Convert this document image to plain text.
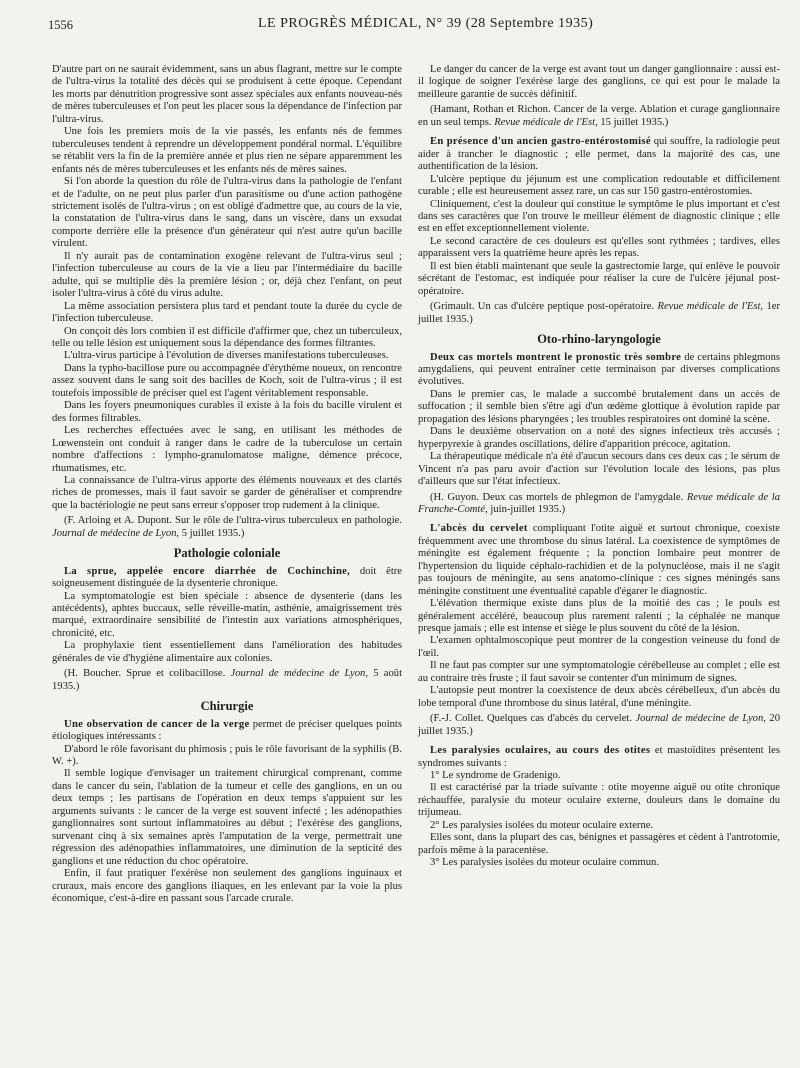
1556	LE PROGRÈS MÉDICAL, N° 39 (28 Septembre 1935)

D'autre part on ne saurait évidemment, sans un abus flagrant, mettre sur le compte de l'ultra-virus la totalité des décès qui se produisent à cette époque. Cependant les morts par dénutrition progressive sont assez spéciales aux enfants nouveau-nés de mères tuberculeuses et l'on peut les placer sous la dépendance de l'infection par l'ultra-virus.

Une fois les premiers mois de la vie passés, les enfants nés de femmes tuberculeuses tendent à reprendre un développement pondéral normal. L'équilibre se rétablit vers la fin de la première année et plus rien ne sépare apparemment les enfants nés de mères tuberculeuses et les enfants nés de mères saines.

Si l'on aborde la question du rôle de l'ultra-virus dans la pathologie de l'enfant et de l'adulte, on ne peut plus parler d'un parasitisme ou d'une action pathogène strictement isolés de l'ultra-virus ; on est obligé d'admettre que, au cours de la vie, la constatation de l'ultra-virus dans le sang, dans un viscère, dans un exsudat comporte derrière elle la présence d'un générateur qui n'est autre qu'un bacille virulent.

Il n'y aurait pas de contamination exogène relevant de l'ultra-virus seul ; l'infection tuberculeuse au cours de la vie a lieu par l'intermédiaire du bacille adulte, qui se multiplie dès la première lésion ; or, déjà chez l'enfant, on peut isoler l'ultra-virus à côté du virus adulte.

La même association persistera plus tard et pendant toute la durée du cycle de l'infection tuberculeuse.

On conçoit dès lors combien il est difficile d'affirmer que, chez un tuberculeux, telle ou telle lésion est uniquement sous la dépendance des formes filtrantes.

L'ultra-virus participe à l'évolution de diverses manifestations tuberculeuses.

Dans la typho-bacillose pure ou accompagnée d'érythème noueux, on rencontre assez souvent dans le sang soit des bacilles de Koch, soit de l'ultra-virus ; il est toutefois impossible de préciser quel est l'agent véritablement responsable.

Dans les foyers pneumoniques curables il existe à la fois du bacille virulent et des formes filtrables.

Les recherches effectuées avec le sang, en utilisant les méthodes de Lœwenstein ont conduit à ranger dans le cadre de la tuberculose un certain nombre d'affections : lympho-granulomatose maligne, démence précoce, rhumatismes, etc.

La connaissance de l'ultra-virus apporte des éléments nouveaux et des clartés riches de promesses, mais il faut savoir se garder de généraliser et comprendre que la bactériologie ne peut sans erreur s'opposer trop rudement à la clinique.

(F. Arloing et A. Dupont. Sur le rôle de l'ultra-virus tuberculeux en pathologie. Journal de médecine de Lyon, 5 juillet 1935.)

Pathologie coloniale

La sprue, appelée encore diarrhée de Cochinchine, doit être soigneusement distinguée de la dysenterie chronique.

La symptomatologie est bien spéciale : absence de dysenterie (dans les antécédents), aphtes buccaux, selle réveille-matin, asthénie, amaigrissement très marqué, extraordinaire sensibilité de l'intestin aux variations atmosphériques, chronicité, etc.

La prophylaxie tient essentiellement dans l'amélioration des habitudes générales de vie d'hygiène alimentaire aux colonies.

(H. Boucher. Sprue et colibacillose. Journal de médecine de Lyon, 5 août 1935.)

Chirurgie

Une observation de cancer de la verge permet de préciser quelques points étiologiques intéressants :

D'abord le rôle favorisant du phimosis ; puis le rôle favorisant de la syphilis (B. W. +).

Il semble logique d'envisager un traitement chirurgical comprenant, comme dans le cancer du sein, l'ablation de la tumeur et celle des ganglions, en un ou deux temps ; les partisans de l'opération en deux temps s'appuient sur les arguments suivants : le cancer de la verge est souvent infecté ; les adénopathies ganglionnaires sont surtout inflammatoires au début ; l'exérèse des ganglions, survenant cinq à six semaines après l'amputation de la verge, permettrait une régression des adénopathies inflammatoires, une diminution de la septicité des ganglions et une réduction du choc opératoire.

Enfin, il faut pratiquer l'exérèse non seulement des ganglions inguinaux et cruraux, mais encore des ganglions iliaques, en les enlevant par la voie la plus économique, c'est-à-dire en passant sous l'arcade crurale.

Le danger du cancer de la verge est avant tout un danger ganglionnaire : aussi est-il logique de soigner l'exérèse large des ganglions, ce qui est pour le malade la meilleure garantie de succès définitif.

(Hamant, Rothan et Richon. Cancer de la verge. Ablation et curage ganglionnaire en un seul temps. Revue médicale de l'Est, 15 juillet 1935.)

En présence d'un ancien gastro-entérostomisé qui souffre, la radiologie peut aider à trancher le diagnostic ; elle permet, dans la majorité des cas, une authentification de la lésion.

L'ulcère peptique du jéjunum est une complication redoutable et difficilement curable ; elle est heureusement assez rare, un cas sur 150 gastro-entérostomies.

Cliniquement, c'est la douleur qui constitue le symptôme le plus important et c'est dans ses caractères que l'on trouve le meilleur élément de diagnostic clinique ; elle est en effet exceptionnellement violente.

Le second caractère de ces douleurs est qu'elles sont rythmées ; tardives, elles apparaissent vers la quatrième heure après les repas.

Il est bien établi maintenant que seule la gastrectomie large, qui enlève le pouvoir sécrétant de l'estomac, est indiquée pour réaliser la cure de l'ulcère jéjunal post-opératoire.

(Grimault. Un cas d'ulcère peptique post-opératoire. Revue médicale de l'Est, 1er juillet 1935.)

Oto-rhino-laryngologie

Deux cas mortels montrent le pronostic très sombre de certains phlegmons amygdaliens, qui peuvent entraîner cette terminaison par diverses complications évolutives.

Dans le premier cas, le malade a succombé brutalement dans un accès de suffocation ; il semble bien s'être agi d'un œdème glottique à évolution rapide par propagation des lésions pharyngées ; les troubles respiratoires ont dominé la scène.

Dans le deuxième observation on a noté des signes infectieux très accusés ; hyperpyrexie à grandes oscillations, délire d'apparition précoce, agitation.

La thérapeutique médicale n'a été d'aucun secours dans ces deux cas ; le sérum de Vincent n'a pas paru avoir d'action sur l'évolution locale des lésions, pas plus d'ailleurs que sur l'état infectieux.

(H. Guyon. Deux cas mortels de phlegmon de l'amygdale. Revue médicale de la Franche-Comté, juin-juillet 1935.)

L'abcès du cervelet compliquant l'otite aiguë et surtout chronique, coexiste fréquemment avec une thrombose du sinus latéral. La coexistence de symptômes de méningite est également fréquente ; la ponction lombaire peut montrer de l'hypertension du liquide céphalo-rachidien et de la polynucléose, mais il ne s'agit pas toujours de méningite, au sens anatomo-clinique : ces signes méningés sans méningite constituent une éventualité capable d'égarer le diagnostic.

L'élévation thermique existe dans plus de la moitié des cas ; le pouls est généralement accéléré, beaucoup plus rarement ralenti ; la céphalée ne manque presque jamais ; elle est intense et siège le plus souvent du côté de la lésion.

L'examen ophtalmoscopique peut montrer de la congestion veineuse du fond de l'œil.

Il ne faut pas compter sur une symptomatologie cérébelleuse au complet ; elle est au contraire très fruste ; il faut savoir se contenter d'un minimum de signes.

L'autopsie peut montrer la coexistence de deux abcès cérébelleux, d'un abcès du lobe temporal d'une thrombose du sinus latéral, d'une méningite.

(F.-J. Collet. Quelques cas d'abcès du cervelet. Journal de médecine de Lyon, 20 juillet 1935.)

Les paralysies oculaires, au cours des otites et mastoïdites présentent les syndromes suivants :

1° Le syndrome de Gradenigo.

Il est caractérisé par la triade suivante : otite moyenne aiguë ou otite chronique réchauffée, paralysie du moteur oculaire externe, douleurs dans le domaine du trijumeau.

2° Les paralysies isolées du moteur oculaire externe.

Elles sont, dans la plupart des cas, bénignes et passagères et cèdent à l'antrotomie, parfois même à la paracentèse.

3° Les paralysies isolées du moteur oculaire commun.
